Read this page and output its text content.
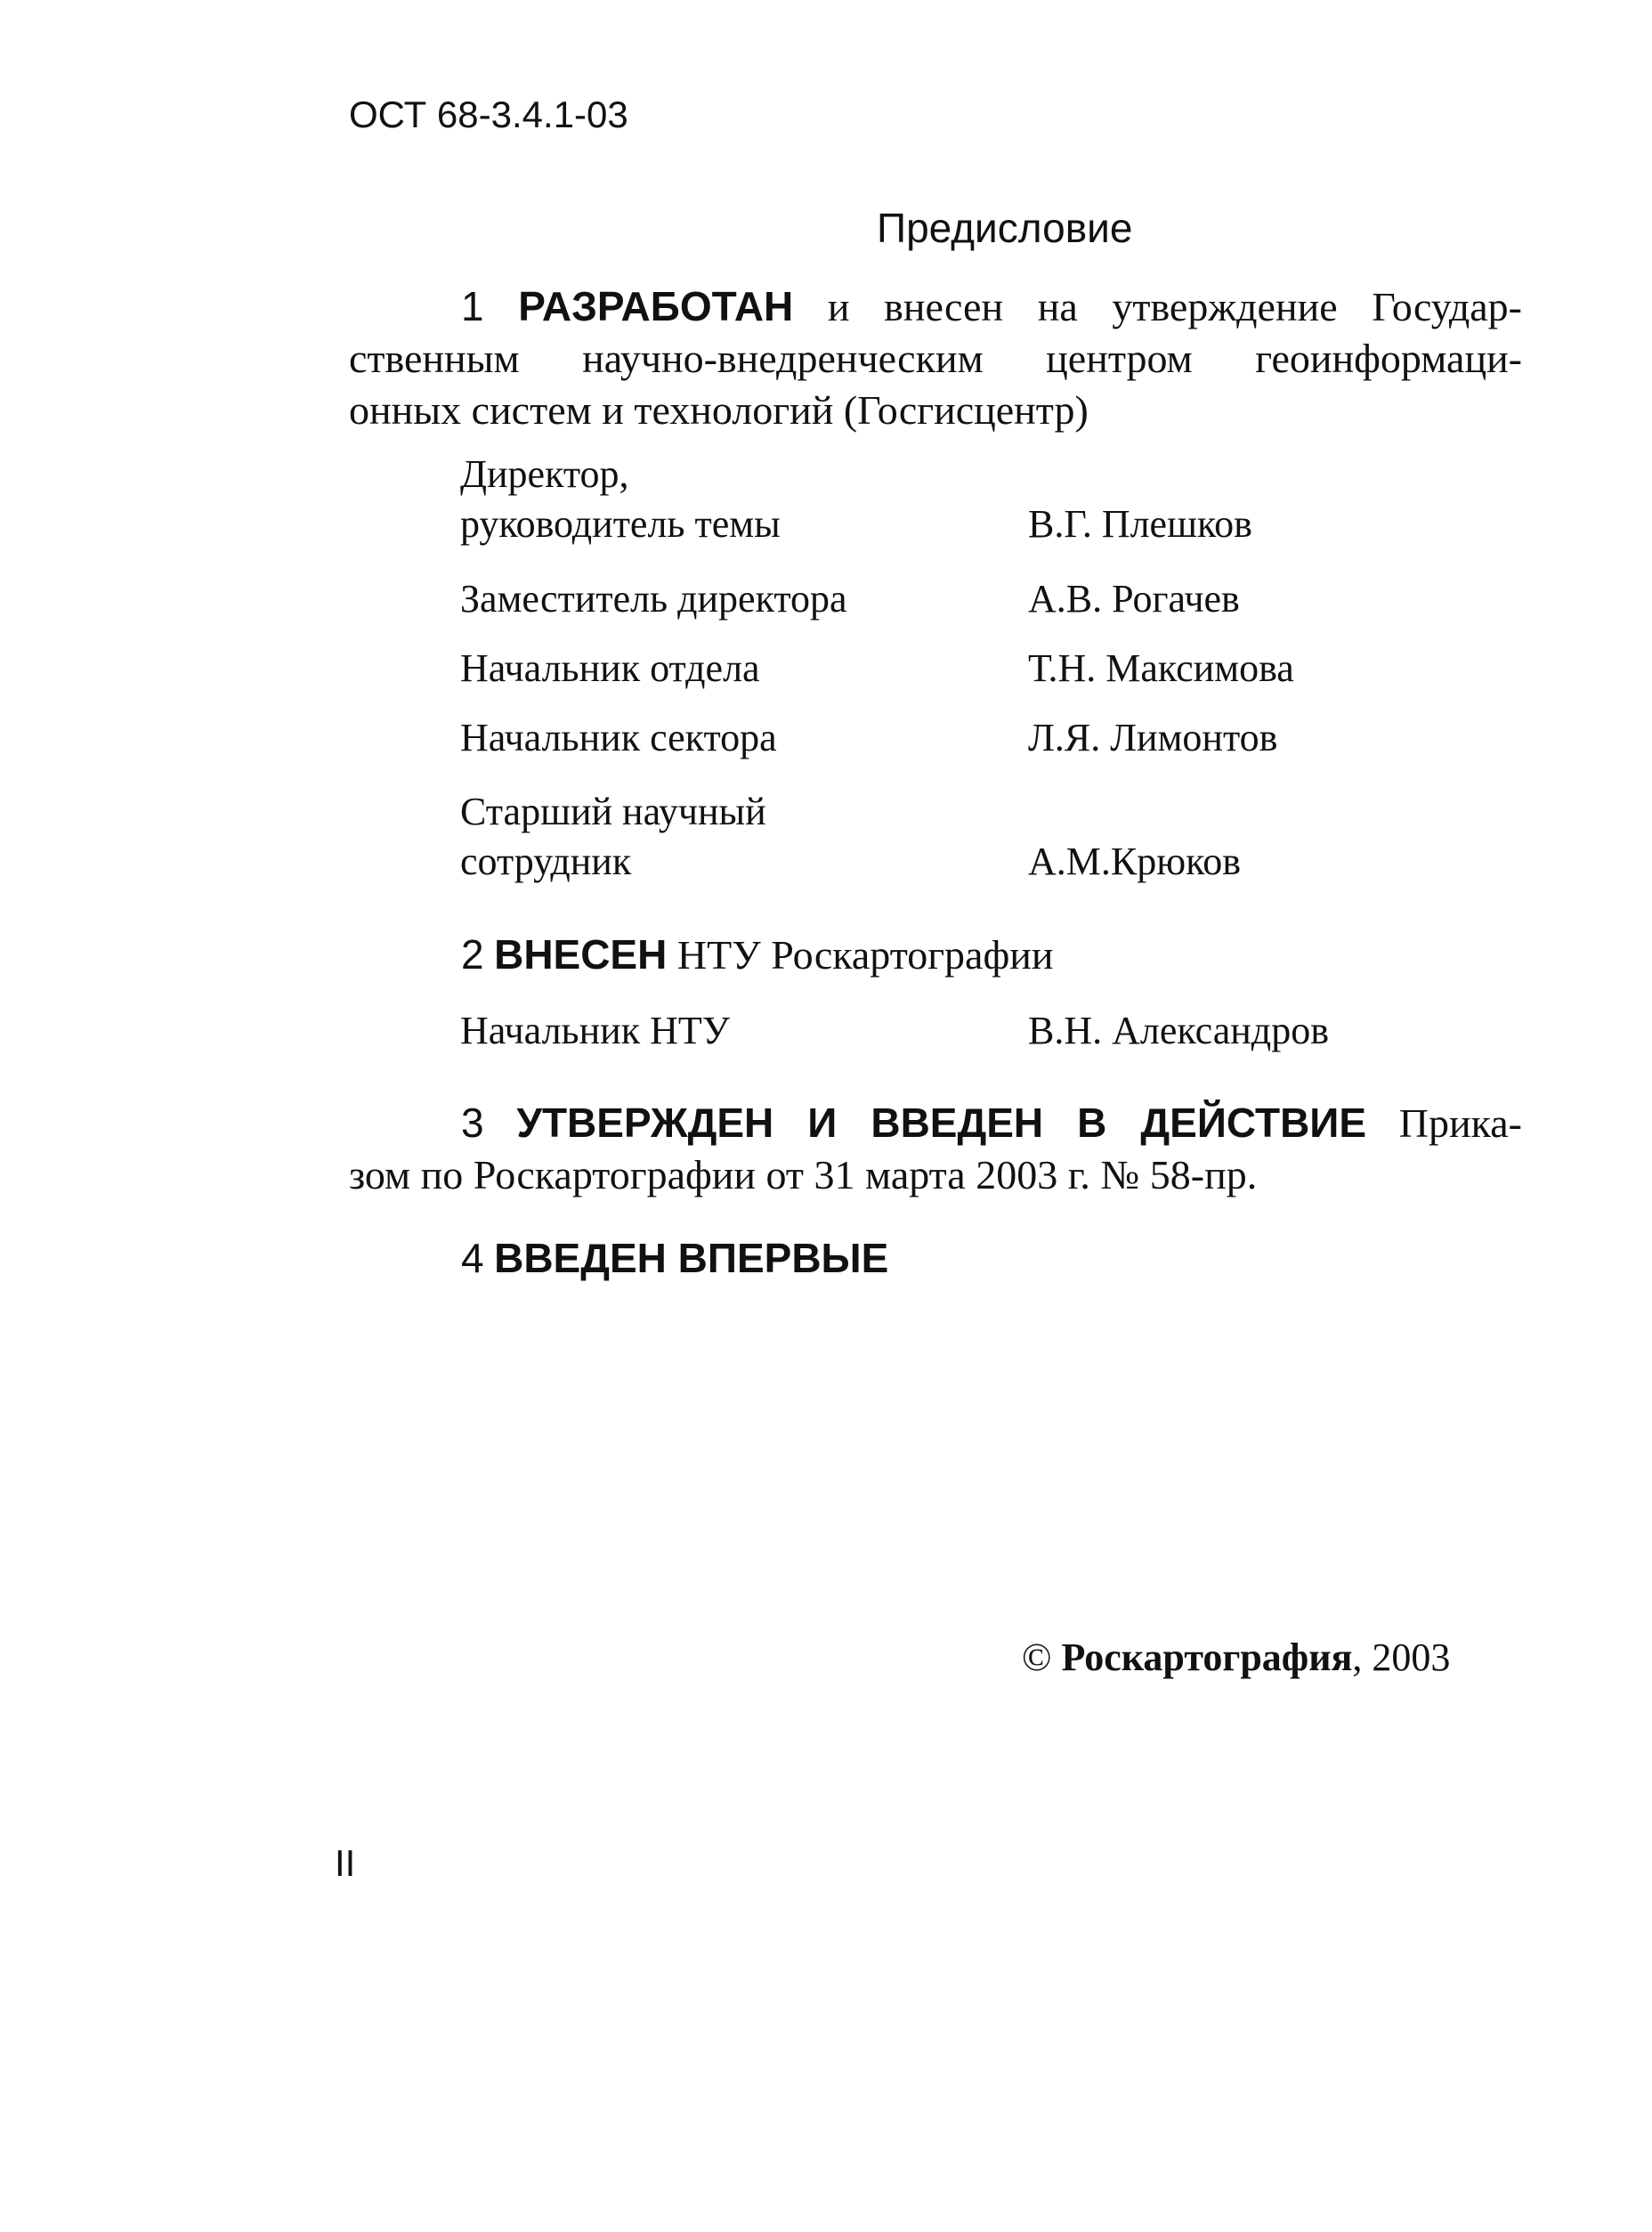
ОСТ 68-3.4.1-03
Предисловие
1 РАЗРАБОТАН и внесен на утверждение Государ-
ственным научно-внедренческим центром геоинформаци-
онных систем и технологий (Госгисцентр)
Директор,
руководитель темы	В.Г. Плешков
Заместитель директора	А.В. Рогачев
Начальник отдела	Т.Н. Максимова
Начальник сектора	Л.Я. Лимонтов
Старший научный
сотрудник	А.М.Крюков
2 ВНЕСЕН НТУ Роскартографии
Начальник НТУ	В.Н. Александров
3 УТВЕРЖДЕН И ВВЕДЕН В ДЕЙСТВИЕ Прика-
зом по Роскартографии от 31 марта 2003 г. № 58-пр.
4 ВВЕДЕН ВПЕРВЫЕ
© Роскартография, 2003
II
